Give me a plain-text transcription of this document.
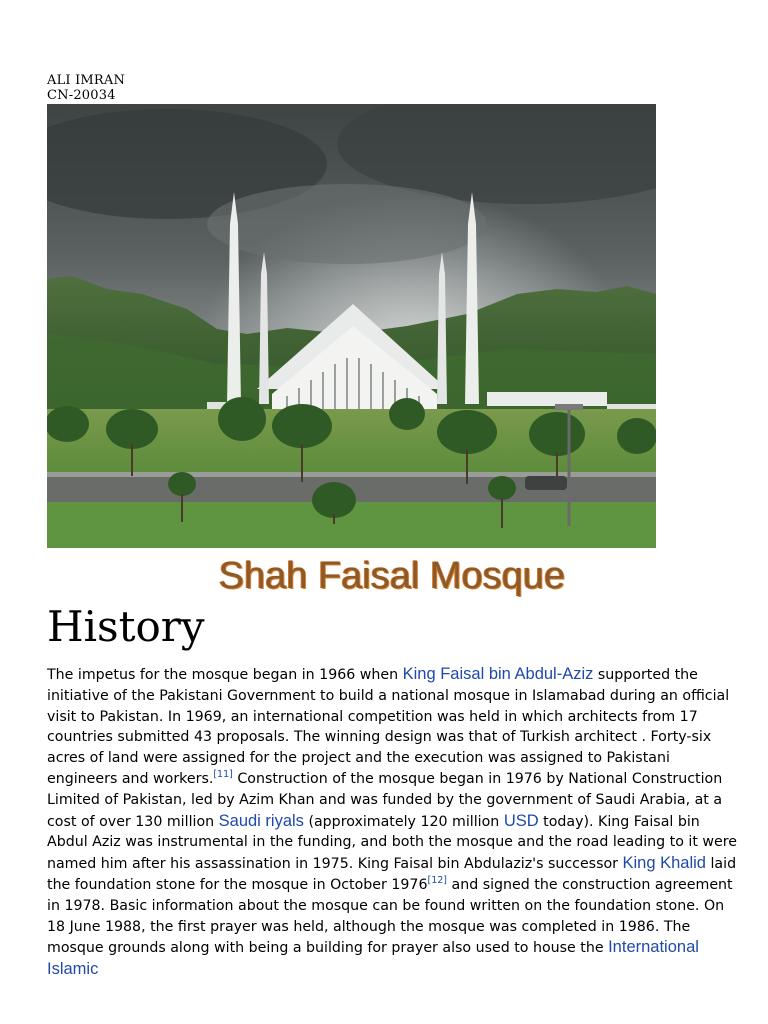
ALI IMRAN
CN-20034
Shah Faisal Mosque
History

The impetus for the mosque began in 1966 when King Faisal bin Abdul-Aziz supported the initiative of the Pakistani Government to build a national mosque in Islamabad during an official visit to Pakistan. In 1969, an international competition was held in which architects from 17 countries submitted 43 proposals. The winning design was that of Turkish architect . Forty-six acres of land were assigned for the project and the execution was assigned to Pakistani engineers and workers.[11] Construction of the mosque began in 1976 by National Construction Limited of Pakistan, led by Azim Khan and was funded by the government of Saudi Arabia, at a cost of over 130 million Saudi riyals (approximately 120 million USD today). King Faisal bin Abdul Aziz was instrumental in the funding, and both the mosque and the road leading to it were named him after his assassination in 1975. King Faisal bin Abdulaziz's successor King Khalid laid the foundation stone for the mosque in October 1976[12] and signed the construction agreement in 1978. Basic information about the mosque can be found written on the foundation stone. On 18 June 1988, the first prayer was held, although the mosque was completed in 1986. The mosque grounds along with being a building for prayer also used to house the International Islamic
